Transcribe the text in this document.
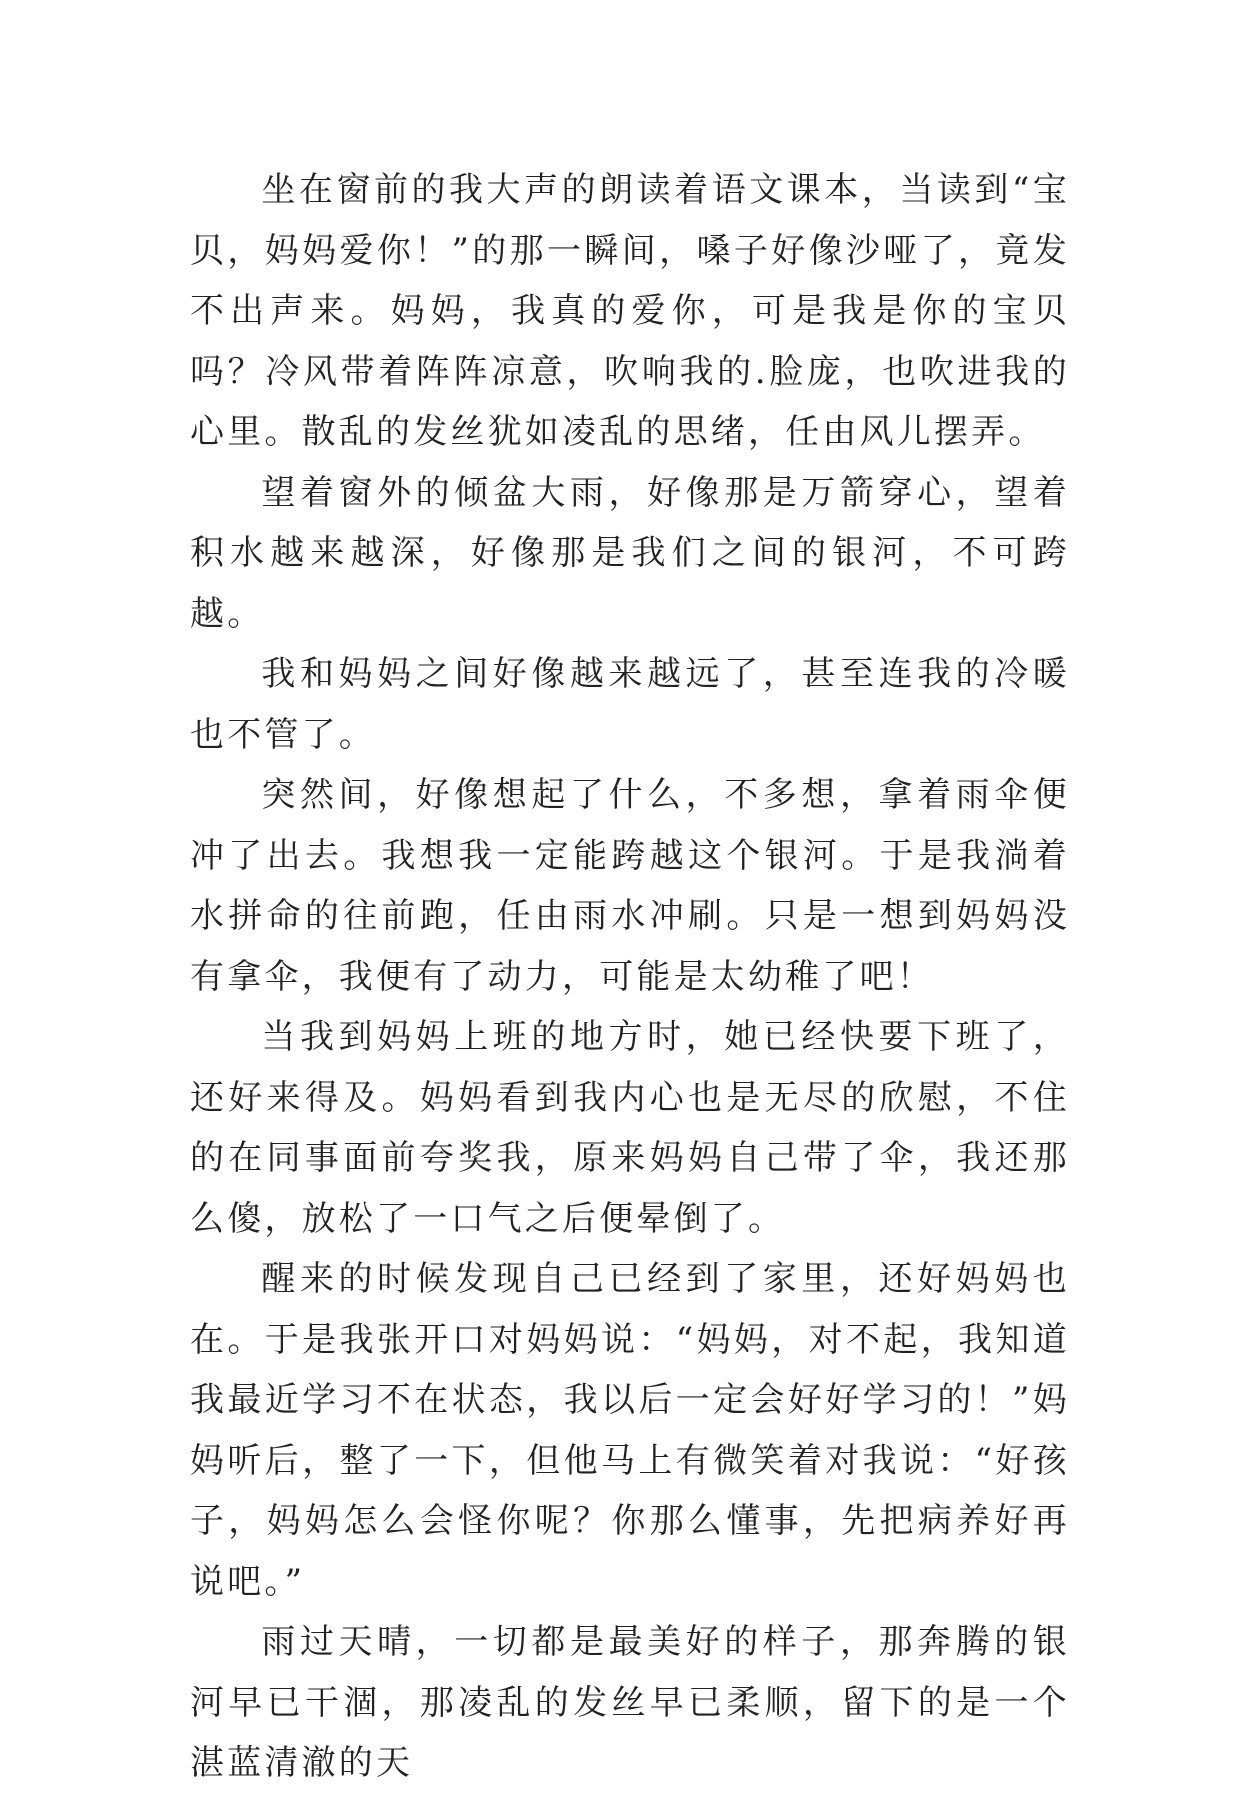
坐在窗前的我大声的朗读着语文课本，当读到“宝贝，妈妈爱你！”的那一瞬间，嗓子好像沙哑了，竟发不出声来。妈妈，我真的爱你，可是我是你的宝贝吗？冷风带着阵阵凉意，吹响我的.脸庞，也吹进我的心里。散乱的发丝犹如凌乱的思绪，任由风儿摆弄。

望着窗外的倾盆大雨，好像那是万箭穿心，望着积水越来越深，好像那是我们之间的银河，不可跨越。

我和妈妈之间好像越来越远了，甚至连我的冷暖也不管了。

突然间，好像想起了什么，不多想，拿着雨伞便冲了出去。我想我一定能跨越这个银河。于是我淌着水拼命的往前跑，任由雨水冲刷。只是一想到妈妈没有拿伞，我便有了动力，可能是太幼稚了吧！

当我到妈妈上班的地方时，她已经快要下班了，还好来得及。妈妈看到我内心也是无尽的欣慰，不住的在同事面前夸奖我，原来妈妈自己带了伞，我还那么傻，放松了一口气之后便晕倒了。

醒来的时候发现自己已经到了家里，还好妈妈也在。于是我张开口对妈妈说：“妈妈，对不起，我知道我最近学习不在状态，我以后一定会好好学习的！”妈妈听后，整了一下，但他马上有微笑着对我说：“好孩子，妈妈怎么会怪你呢？你那么懂事，先把病养好再说吧。”

雨过天晴，一切都是最美好的样子，那奔腾的银河早已干涸，那凌乱的发丝早已柔顺，留下的是一个湛蓝清澈的天
